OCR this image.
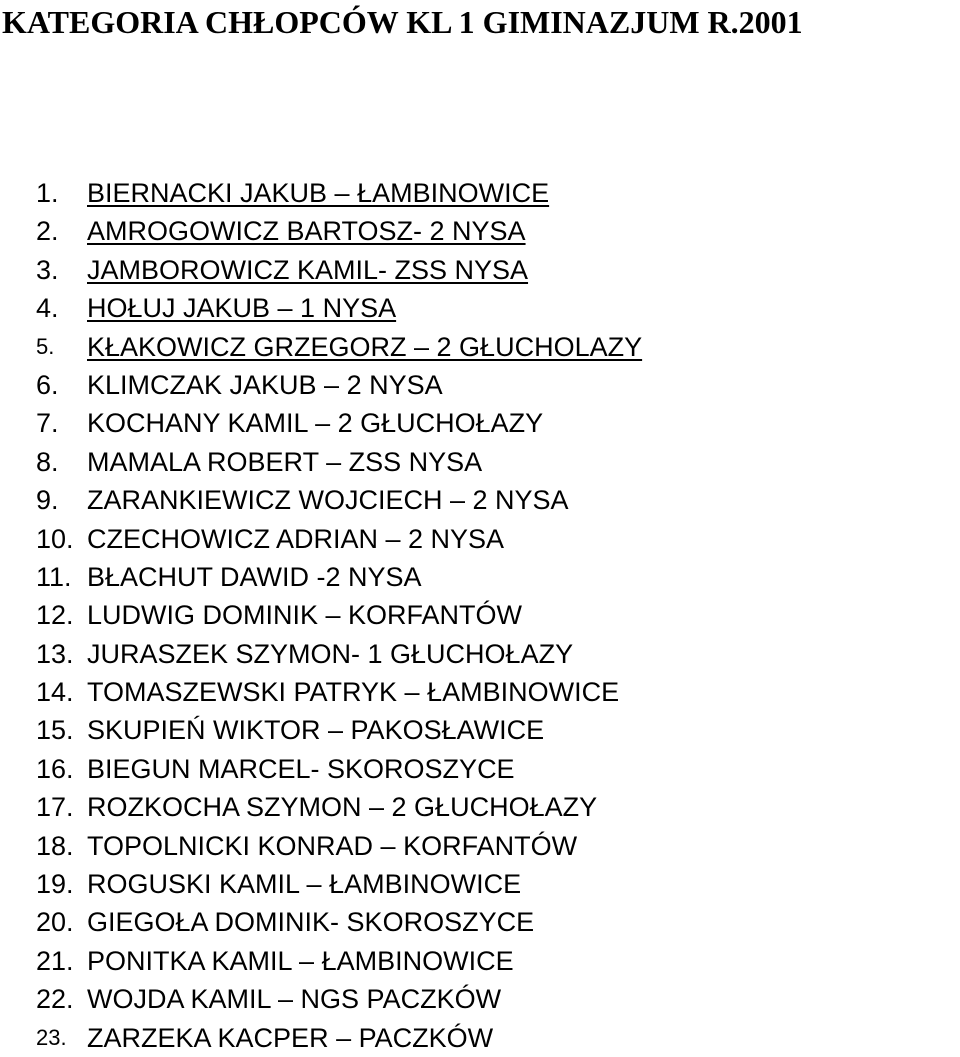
KATEGORIA CHŁOPCÓW KL 1 GIMINAZJUM R.2001
1.	BIERNACKI JAKUB – ŁAMBINOWICE
2.	AMROGOWICZ BARTOSZ- 2 NYSA
3.	JAMBOROWICZ KAMIL- ZSS NYSA
4.	HOŁUJ JAKUB – 1 NYSA
5.	KŁAKOWICZ GRZEGORZ – 2 GŁUCHOLAZY
6.	KLIMCZAK JAKUB – 2 NYSA
7.	KOCHANY KAMIL – 2 GŁUCHOŁAZY
8.	MAMALA ROBERT – ZSS NYSA
9.	ZARANKIEWICZ WOJCIECH – 2 NYSA
10. CZECHOWICZ ADRIAN – 2 NYSA
11. BŁACHUT DAWID -2 NYSA
12. LUDWIG DOMINIK – KORFANTÓW
13. JURASZEK SZYMON- 1 GŁUCHOŁAZY
14. TOMASZEWSKI PATRYK – ŁAMBINOWICE
15. SKUPIEŃ WIKTOR – PAKOSŁAWICE
16. BIEGUN MARCEL- SKOROSZYCE
17. ROZKOCHA SZYMON – 2 GŁUCHOŁAZY
18. TOPOLNICKI KONRAD – KORFANTÓW
19. ROGUSKI KAMIL – ŁAMBINOWICE
20. GIEGOŁA DOMINIK- SKOROSZYCE
21. PONITKA KAMIL – ŁAMBINOWICE
22. WOJDA KAMIL – NGS PACZKÓW
23. ZARZEKA KACPER – PACZKÓW
